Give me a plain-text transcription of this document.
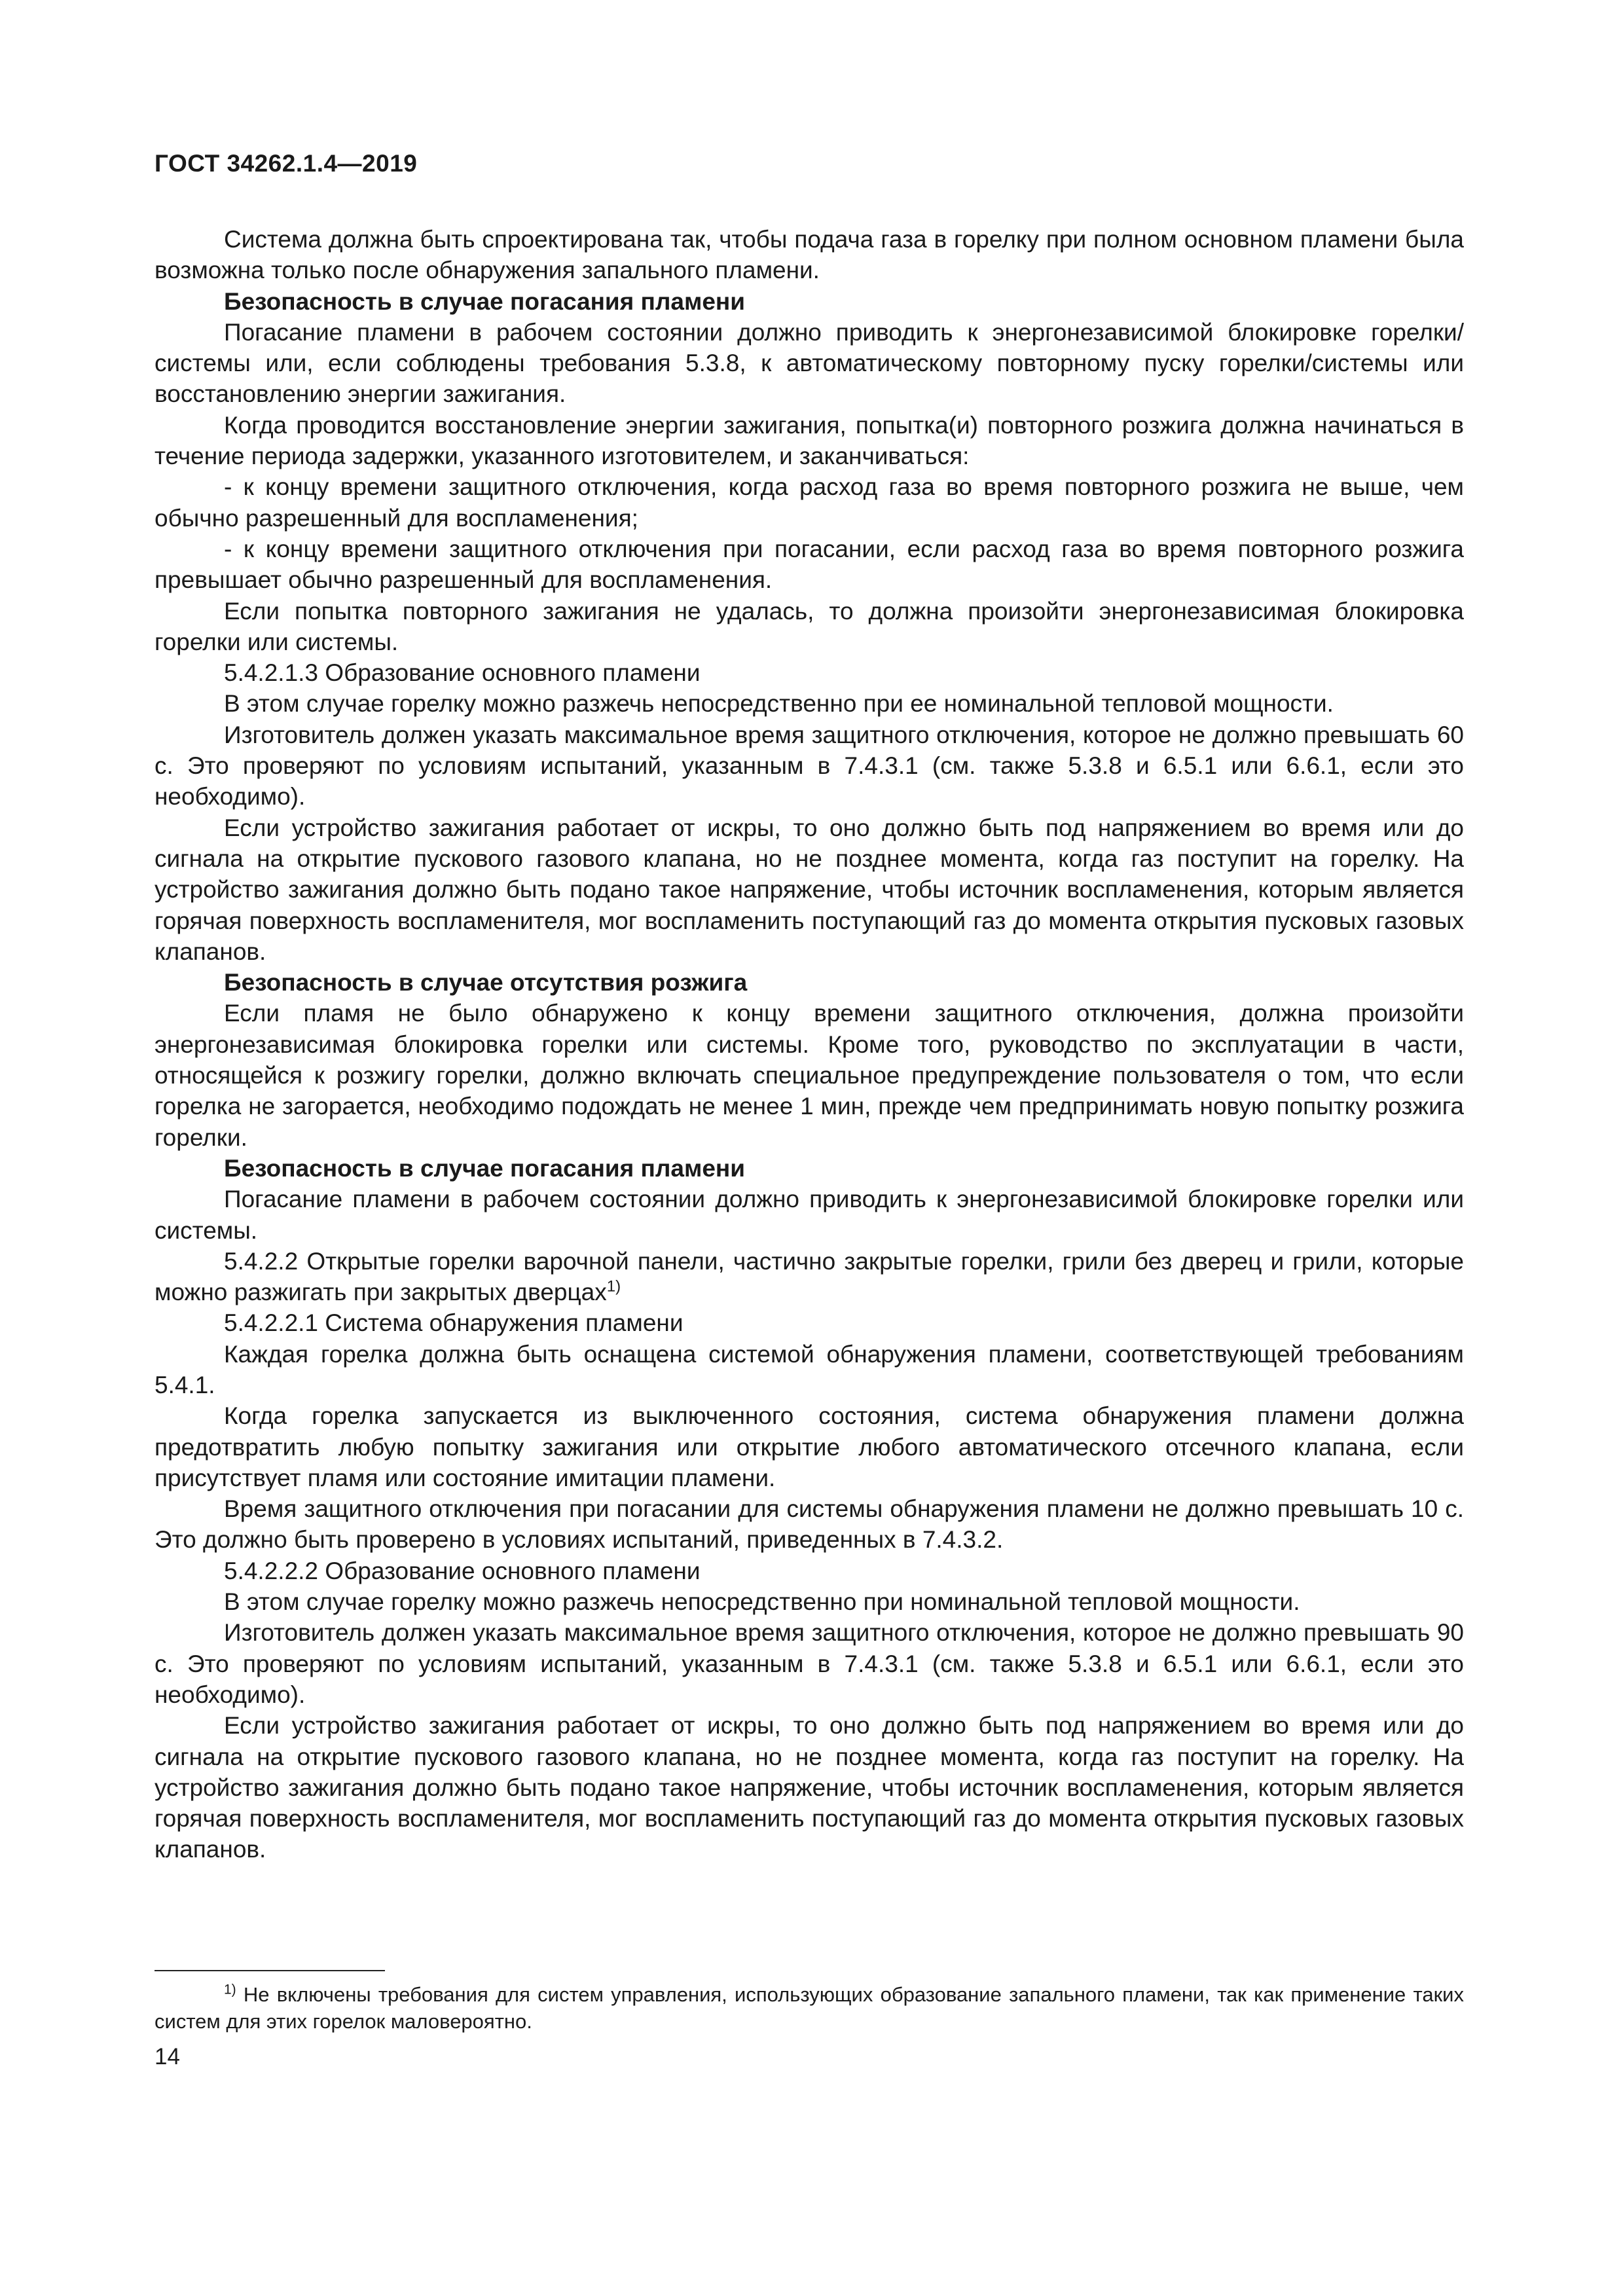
ГОСТ 34262.1.4—2019

Система должна быть спроектирована так, чтобы подача газа в горелку при полном основном пламени была возможна только после обнаружения запального пламени.

Безопасность в случае погасания пламени

Погасание пламени в рабочем состоянии должно приводить к энергонезависимой блокировке горелки/системы или, если соблюдены требования 5.3.8, к автоматическому повторному пуску горелки/системы или восстановлению энергии зажигания.

Когда проводится восстановление энергии зажигания, попытка(и) повторного розжига должна начинаться в течение периода задержки, указанного изготовителем, и заканчиваться:

- к концу времени защитного отключения, когда расход газа во время повторного розжига не выше, чем обычно разрешенный для воспламенения;

- к концу времени защитного отключения при погасании, если расход газа во время повторного розжига превышает обычно разрешенный для воспламенения.

Если попытка повторного зажигания не удалась, то должна произойти энергонезависимая блокировка горелки или системы.

5.4.2.1.3 Образование основного пламени

В этом случае горелку можно разжечь непосредственно при ее номинальной тепловой мощности.

Изготовитель должен указать максимальное время защитного отключения, которое не должно превышать 60 с. Это проверяют по условиям испытаний, указанным в 7.4.3.1 (см. также 5.3.8 и 6.5.1 или 6.6.1, если это необходимо).

Если устройство зажигания работает от искры, то оно должно быть под напряжением во время или до сигнала на открытие пускового газового клапана, но не позднее момента, когда газ поступит на горелку. На устройство зажигания должно быть подано такое напряжение, чтобы источник воспламенения, которым является горячая поверхность воспламенителя, мог воспламенить поступающий газ до момента открытия пусковых газовых клапанов.

Безопасность в случае отсутствия розжига

Если пламя не было обнаружено к концу времени защитного отключения, должна произойти энергонезависимая блокировка горелки или системы. Кроме того, руководство по эксплуатации в части, относящейся к розжигу горелки, должно включать специальное предупреждение пользователя о том, что если горелка не загорается, необходимо подождать не менее 1 мин, прежде чем предпринимать новую попытку розжига горелки.

Безопасность в случае погасания пламени

Погасание пламени в рабочем состоянии должно приводить к энергонезависимой блокировке горелки или системы.

5.4.2.2 Открытые горелки варочной панели, частично закрытые горелки, грили без дверец и грили, которые можно разжигать при закрытых дверцах$^{1)}$

5.4.2.2.1 Система обнаружения пламени

Каждая горелка должна быть оснащена системой обнаружения пламени, соответствующей требованиям 5.4.1.

Когда горелка запускается из выключенного состояния, система обнаружения пламени должна предотвратить любую попытку зажигания или открытие любого автоматического отсечного клапана, если присутствует пламя или состояние имитации пламени.

Время защитного отключения при погасании для системы обнаружения пламени не должно превышать 10 с. Это должно быть проверено в условиях испытаний, приведенных в 7.4.3.2.

5.4.2.2.2 Образование основного пламени

В этом случае горелку можно разжечь непосредственно при номинальной тепловой мощности.

Изготовитель должен указать максимальное время защитного отключения, которое не должно превышать 90 с. Это проверяют по условиям испытаний, указанным в 7.4.3.1 (см. также 5.3.8 и 6.5.1 или 6.6.1, если это необходимо).

Если устройство зажигания работает от искры, то оно должно быть под напряжением во время или до сигнала на открытие пускового газового клапана, но не позднее момента, когда газ поступит на горелку. На устройство зажигания должно быть подано такое напряжение, чтобы источник воспламенения, которым является горячая поверхность воспламенителя, мог воспламенить поступающий газ до момента открытия пусковых газовых клапанов.

$^{1)}$ Не включены требования для систем управления, использующих образование запального пламени, так как применение таких систем для этих горелок маловероятно.

14
